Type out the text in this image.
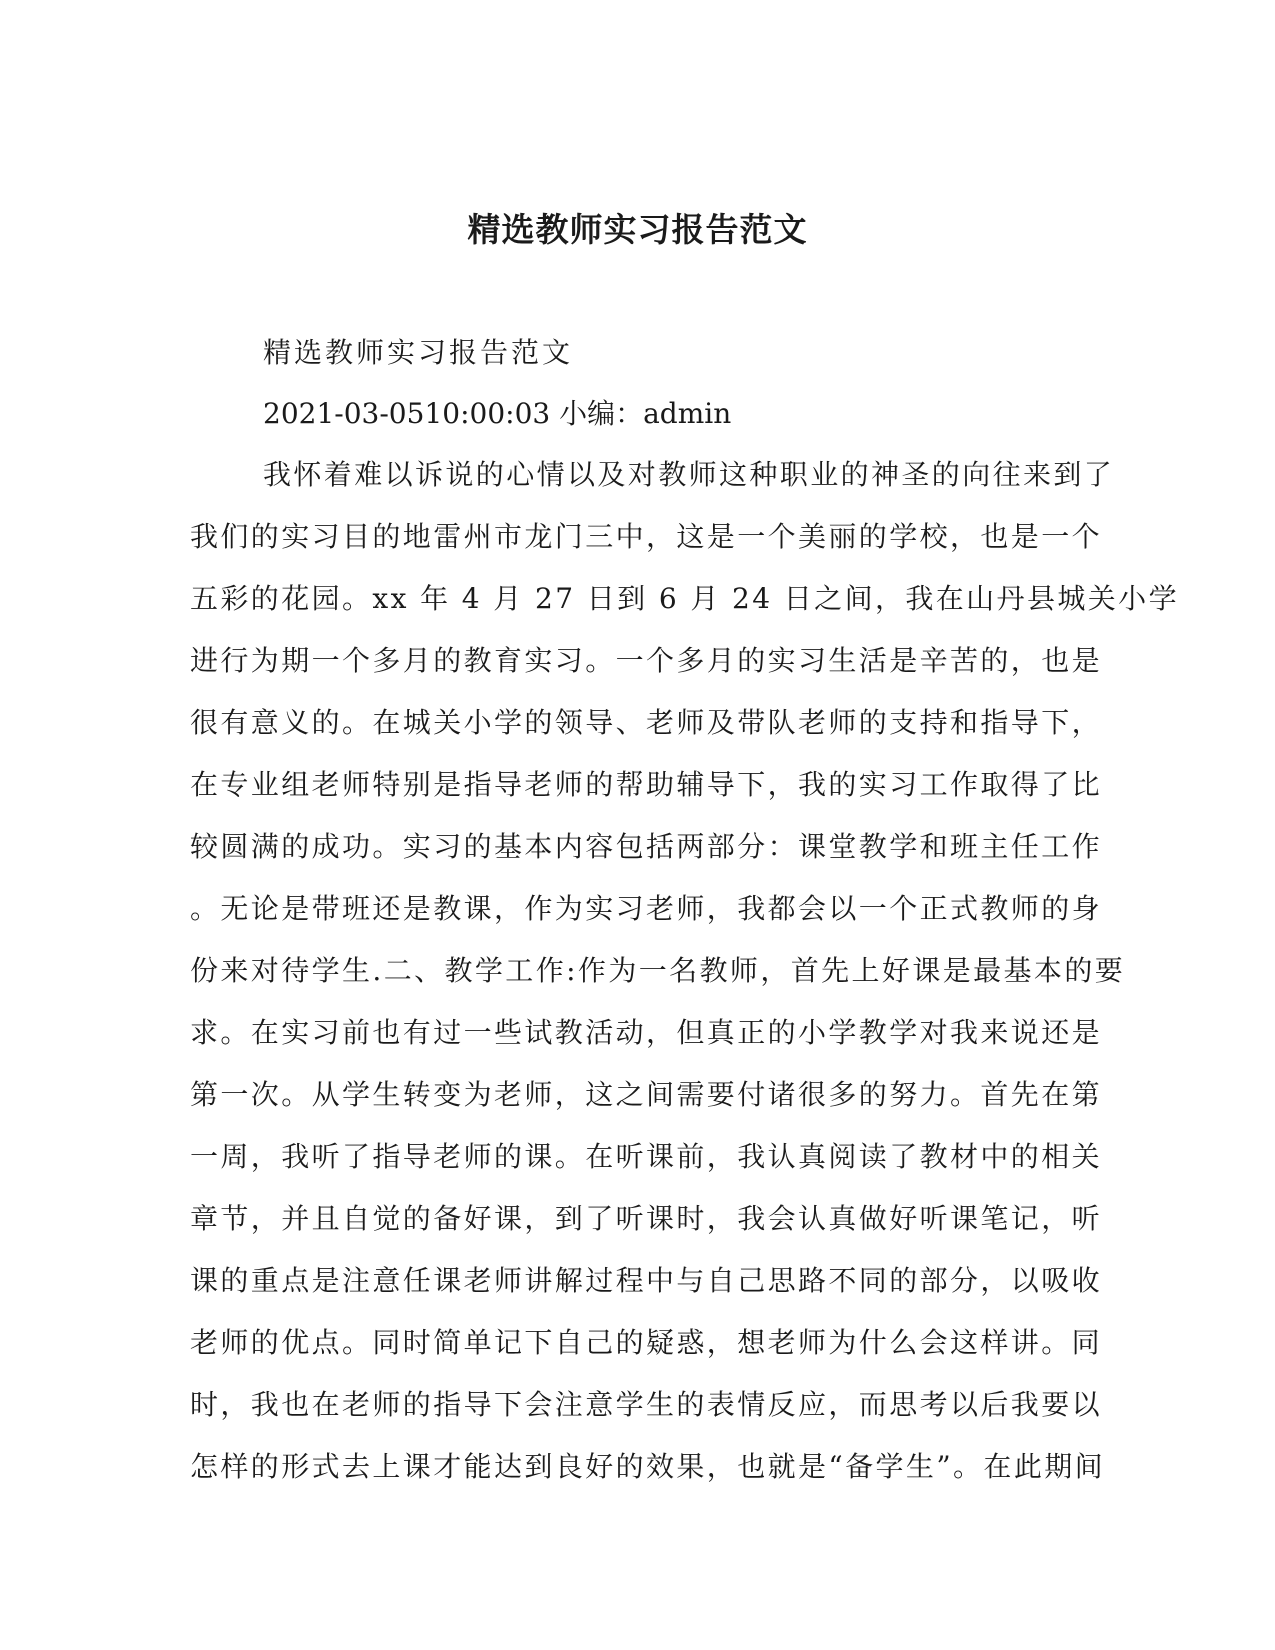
精选教师实习报告范文

精选教师实习报告范文

2021-03-0510:00:03 小编：admin

我怀着难以诉说的心情以及对教师这种职业的神圣的向往来到了
我们的实习目的地雷州市龙门三中，这是一个美丽的学校，也是一个
五彩的花园。xx 年 4 月 27 日到 6 月 24 日之间，我在山丹县城关小学
进行为期一个多月的教育实习。一个多月的实习生活是辛苦的，也是
很有意义的。在城关小学的领导、老师及带队老师的支持和指导下，
在专业组老师特别是指导老师的帮助辅导下，我的实习工作取得了比
较圆满的成功。实习的基本内容包括两部分：课堂教学和班主任工作
。无论是带班还是教课，作为实习老师，我都会以一个正式教师的身
份来对待学生.二、教学工作:作为一名教师，首先上好课是最基本的要
求。在实习前也有过一些试教活动，但真正的小学教学对我来说还是
第一次。从学生转变为老师，这之间需要付诸很多的努力。首先在第
一周，我听了指导老师的课。在听课前，我认真阅读了教材中的相关
章节，并且自觉的备好课，到了听课时，我会认真做好听课笔记，听
课的重点是注意任课老师讲解过程中与自己思路不同的部分，以吸收
老师的优点。同时简单记下自己的疑惑，想老师为什么会这样讲。同
时，我也在老师的指导下会注意学生的表情反应，而思考以后我要以
怎样的形式去上课才能达到良好的效果，也就是“备学生”。在此期间
